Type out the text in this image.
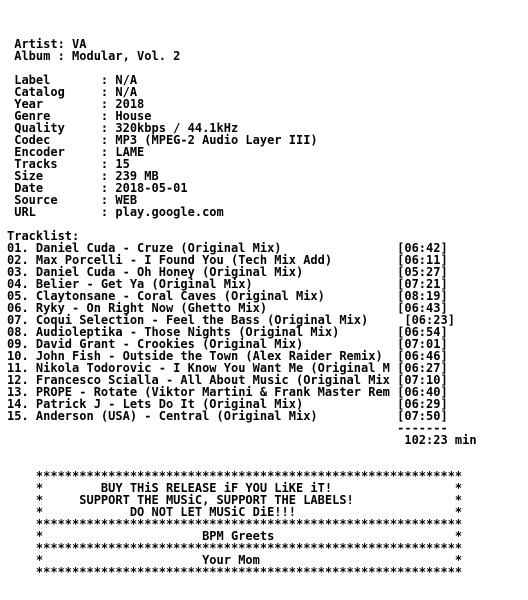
Artist: VA
Album : Modular, Vol. 2

Label       : N/A
Catalog     : N/A
Year        : 2018
Genre       : House
Quality     : 320kbps / 44.1kHz
Codec       : MP3 (MPEG-2 Audio Layer III)
Encoder     : LAME
Tracks      : 15
Size        : 239 MB
Date        : 2018-05-01
Source      : WEB
URL         : play.google.com

Tracklist:
01. Daniel Cuda - Cruze (Original Mix)                [06:42]
02. Max Porcelli - I Found You (Tech Mix Add)         [06:11]
03. Daniel Cuda - Oh Honey (Original Mix)             [05:27]
04. Belier - Get Ya (Original Mix)                    [07:21]
05. Claytonsane - Coral Caves (Original Mix)          [08:19]
06. Ryky - On Right Now (Ghetto Mix)                  [06:43]
07. Coqui Selection - Feel the Bass (Original Mix)     [06:23]
08. Audioleptika - Those Nights (Original Mix)        [06:54]
09. David Grant - Crookies (Original Mix)             [07:01]
10. John Fish - Outside the Town (Alex Raider Remix)  [06:46]
11. Nikola Todorovic - I Know You Want Me (Original M [06:27]
12. Francesco Scialla - All About Music (Original Mix [07:10]
13. PROPE - Rotate (Viktor Martini & Frank Master Rem [06:40]
14. Patrick J - Lets Do It (Original Mix)             [06:29]
15. Anderson (USA) - Central (Original Mix)           [07:50]
-------
102:23 min

***********************************************************
*        BUY THiS RELEASE iF YOU LiKE iT!                 *
*     SUPPORT THE MUSiC, SUPPORT THE LABELS!              *
*            DO NOT LET MUSiC DiE!!!                      *
***********************************************************
*                      BPM Greets                         *
***********************************************************
*                      Your Mom                           *
***********************************************************
